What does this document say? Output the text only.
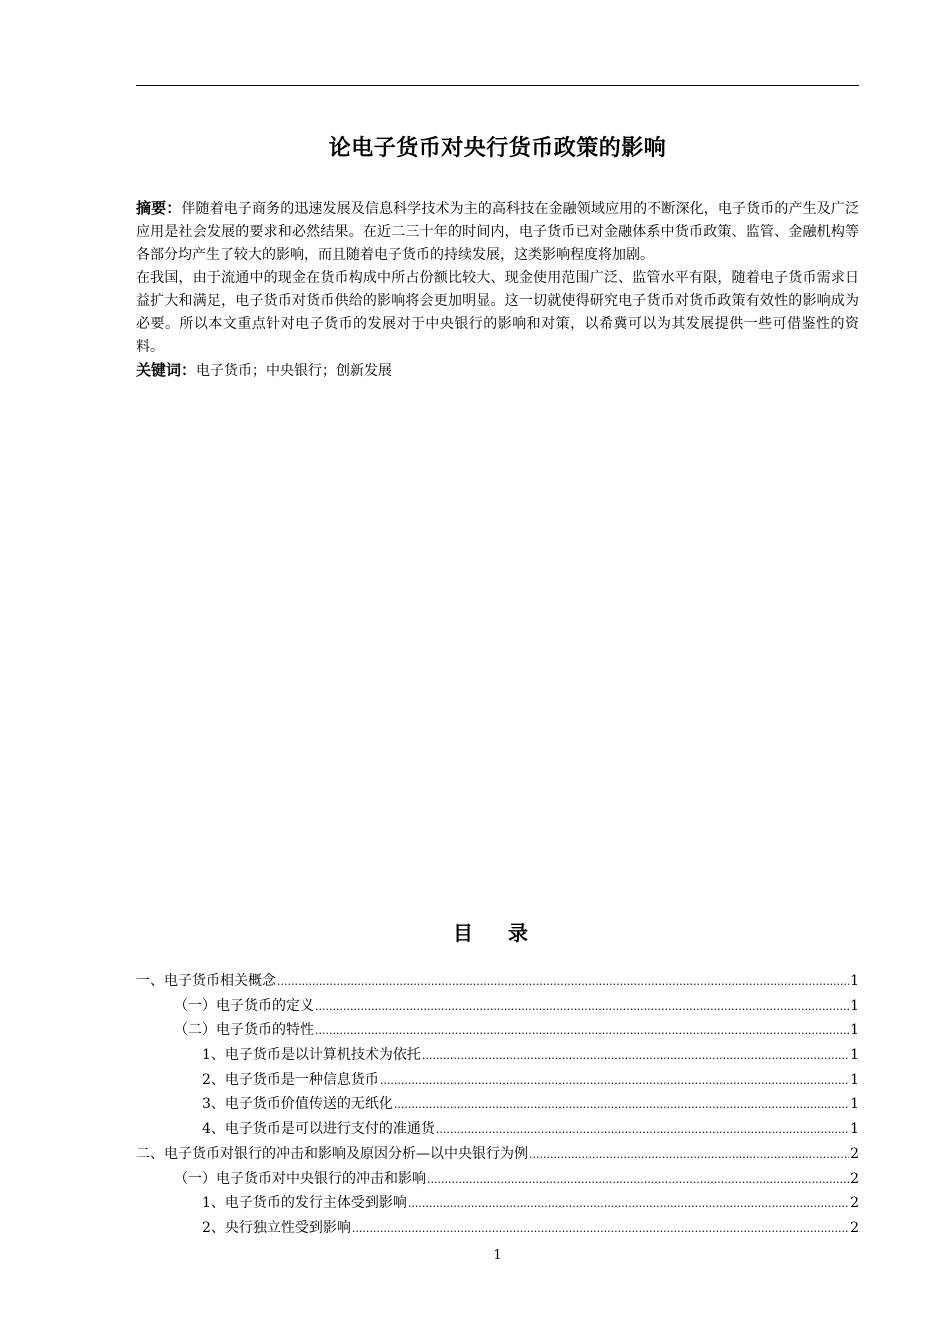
论电子货币对央行货币政策的影响

摘要：伴随着电子商务的迅速发展及信息科学技术为主的高科技在金融领域应用的不断深化，电子货币的产生及广泛应用是社会发展的要求和必然结果。在近二三十年的时间内，电子货币已对金融体系中货币政策、监管、金融机构等各部分均产生了较大的影响，而且随着电子货币的持续发展，这类影响程度将加剧。

在我国，由于流通中的现金在货币构成中所占份额比较大、现金使用范围广泛、监管水平有限，随着电子货币需求日益扩大和满足，电子货币对货币供给的影响将会更加明显。这一切就使得研究电子货币对货币政策有效性的影响成为必要。所以本文重点针对电子货币的发展对于中央银行的影响和对策，以希冀可以为其发展提供一些可借鉴性的资料。

关键词：电子货币；中央银行；创新发展

目 录
一、电子货币相关概念 .....	1
（一）电子货币的定义 .....	1
（二）电子货币的特性 .....	1
1、电子货币是以计算机技术为依托 .....	1
2、电子货币是一种信息货币 .....	1
3、电子货币价值传送的无纸化 .....	1
4、电子货币是可以进行支付的准通货 .....	1
二、电子货币对银行的冲击和影响及原因分析—以中央银行为例 .....	2
（一）电子货币对中央银行的冲击和影响 .....	2
1、电子货币的发行主体受到影响 .....	2
2、央行独立性受到影响 .....	2
1
